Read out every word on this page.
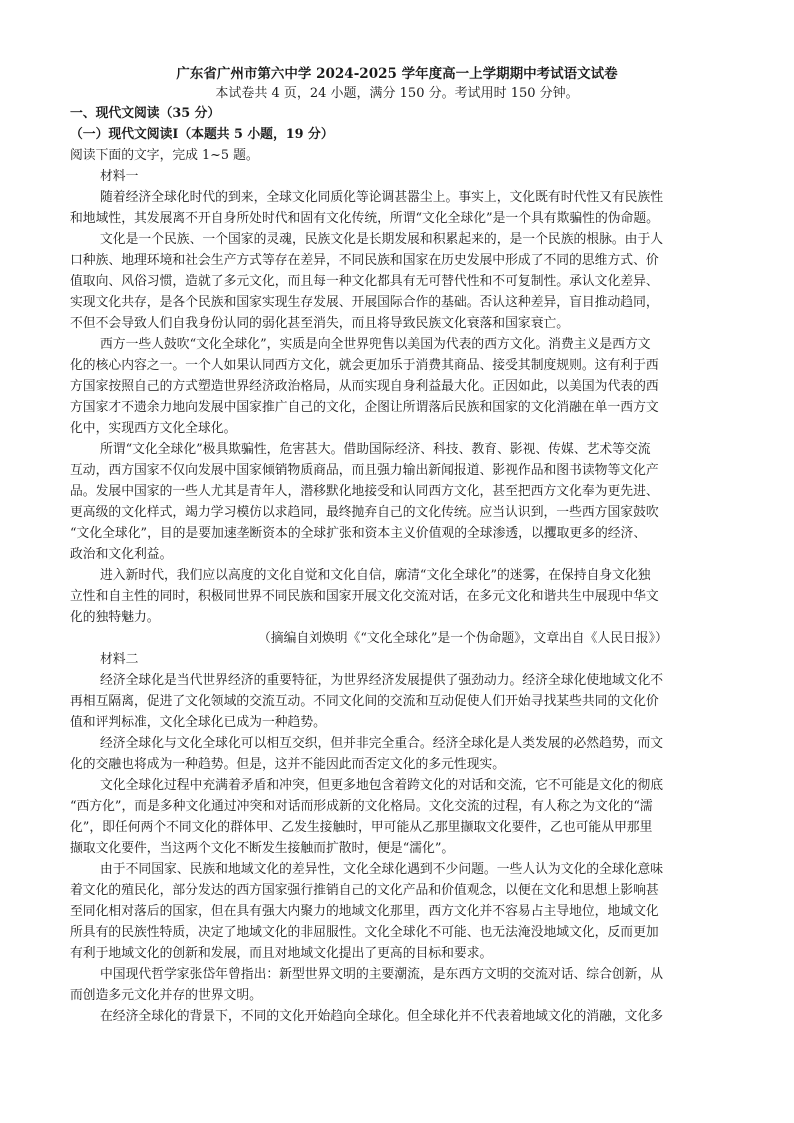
广东省广州市第六中学 2024-2025 学年度高一上学期期中考试语文试卷
本试卷共 4 页，24 小题，满分 150 分。考试用时 150 分钟。
一、现代文阅读（35 分）
（一）现代文阅读Ⅰ（本题共 5 小题，19 分）
阅读下面的文字，完成 1~5 题。
材料一
随着经济全球化时代的到来，全球文化同质化等论调甚嚣尘上。事实上，文化既有时代性又有民族性
和地域性，其发展离不开自身所处时代和固有文化传统，所谓“文化全球化”是一个具有欺骗性的伪命题。
文化是一个民族、一个国家的灵魂，民族文化是长期发展和积累起来的，是一个民族的根脉。由于人
口种族、地理环境和社会生产方式等存在差异，不同民族和国家在历史发展中形成了不同的思维方式、价
值取向、风俗习惯，造就了多元文化，而且每一种文化都具有无可替代性和不可复制性。承认文化差异、
实现文化共存，是各个民族和国家实现生存发展、开展国际合作的基础。否认这种差异，盲目推动趋同，
不但不会导致人们自我身份认同的弱化甚至消失，而且将导致民族文化衰落和国家衰亡。
西方一些人鼓吹“文化全球化”，实质是向全世界兜售以美国为代表的西方文化。消费主义是西方文
化的核心内容之一。一个人如果认同西方文化，就会更加乐于消费其商品、接受其制度规则。这有利于西
方国家按照自己的方式塑造世界经济政治格局，从而实现自身利益最大化。正因如此，以美国为代表的西
方国家才不遗余力地向发展中国家推广自己的文化，企图让所谓落后民族和国家的文化消融在单一西方文
化中，实现西方文化全球化。
所谓“文化全球化”极具欺骗性，危害甚大。借助国际经济、科技、教育、影视、传媒、艺术等交流
互动，西方国家不仅向发展中国家倾销物质商品，而且强力输出新闻报道、影视作品和图书读物等文化产
品。发展中国家的一些人尤其是青年人，潜移默化地接受和认同西方文化，甚至把西方文化奉为更先进、
更高级的文化样式，竭力学习模仿以求趋同，最终抛弃自己的文化传统。应当认识到，一些西方国家鼓吹
“文化全球化”，目的是要加速垄断资本的全球扩张和资本主义价值观的全球渗透，以攫取更多的经济、
政治和文化利益。
进入新时代，我们应以高度的文化自觉和文化自信，廓清“文化全球化”的迷雾，在保持自身文化独
立性和自主性的同时，积极同世界不同民族和国家开展文化交流对话，在多元文化和谐共生中展现中华文
化的独特魅力。
（摘编自刘焕明《“文化全球化”是一个伪命题》，文章出自《人民日报》）
材料二
经济全球化是当代世界经济的重要特征，为世界经济发展提供了强劲动力。经济全球化使地域文化不
再相互隔离，促进了文化领域的交流互动。不同文化间的交流和互动促使人们开始寻找某些共同的文化价
值和评判标准，文化全球化已成为一种趋势。
经济全球化与文化全球化可以相互交织，但并非完全重合。经济全球化是人类发展的必然趋势，而文
化的交融也将成为一种趋势。但是，这并不能因此而否定文化的多元性现实。
文化全球化过程中充满着矛盾和冲突，但更多地包含着跨文化的对话和交流，它不可能是文化的彻底
“西方化”，而是多种文化通过冲突和对话而形成新的文化格局。文化交流的过程，有人称之为文化的“濡
化”，即任何两个不同文化的群体甲、乙发生接触时，甲可能从乙那里撷取文化要件，乙也可能从甲那里
撷取文化要件，当这两个文化不断发生接触而扩散时，便是“濡化”。
由于不同国家、民族和地域文化的差异性，文化全球化遇到不少问题。一些人认为文化的全球化意味
着文化的殖民化，部分发达的西方国家强行推销自己的文化产品和价值观念，以便在文化和思想上影响甚
至同化相对落后的国家，但在具有强大内聚力的地域文化那里，西方文化并不容易占主导地位，地域文化
所具有的民族性特质，决定了地域文化的非屈服性。文化全球化不可能、也无法淹没地域文化，反而更加
有利于地域文化的创新和发展，而且对地域文化提出了更高的目标和要求。
中国现代哲学家张岱年曾指出：新型世界文明的主要潮流，是东西方文明的交流对话、综合创新，从
而创造多元文化并存的世界文明。
在经济全球化的背景下，不同的文化开始趋向全球化。但全球化并不代表着地域文化的消融，文化多
